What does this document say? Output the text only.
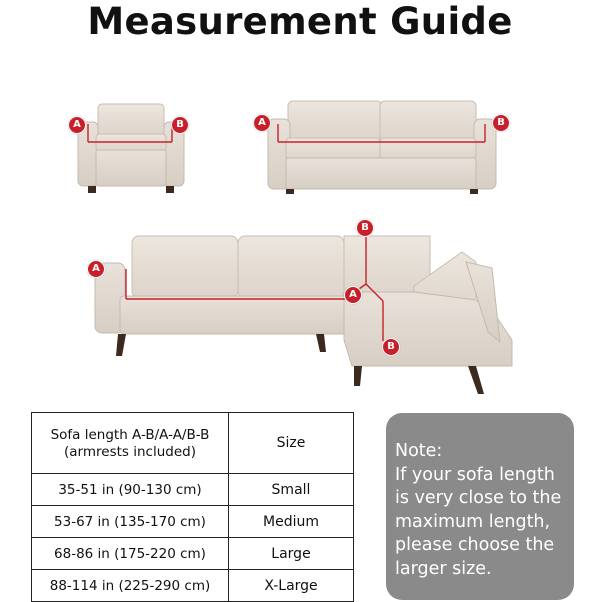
Measurement Guide
A	B	A	B
A
A
B
B
Sofa length A-B/A-A/B-B
(armrests included)	Size
35-51 in (90-130 cm)	Small
53-67 in (135-170 cm)	Medium
68-86 in (175-220 cm)	Large
88-114 in (225-290 cm)	X-Large
Note:
If your sofa length
is very close to the
maximum length,
please choose the
larger size.
